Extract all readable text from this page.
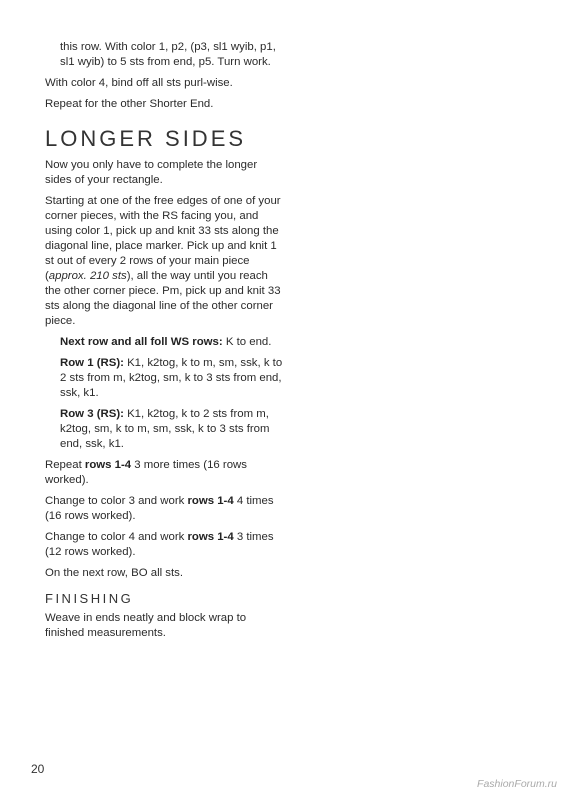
this row. With color 1, p2, (p3, sl1 wyib, p1, sl1 wyib) to 5 sts from end, p5. Turn work.

With color 4, bind off all sts purl-wise.

Repeat for the other Shorter End.

LONGER SIDES

Now you only have to complete the longer sides of your rectangle.

Starting at one of the free edges of one of your corner pieces, with the RS facing you, and using color 1, pick up and knit 33 sts along the diagonal line, place marker. Pick up and knit 1 st out of every 2 rows of your main piece (approx. 210 sts), all the way until you reach the other corner piece. Pm, pick up and knit 33 sts along the diagonal line of the other corner piece.

Next row and all foll WS rows: K to end.

Row 1 (RS): K1, k2tog, k to m, sm, ssk, k to 2 sts from m, k2tog, sm, k to 3 sts from end, ssk, k1.

Row 3 (RS): K1, k2tog, k to 2 sts from m, k2tog, sm, k to m, sm, ssk, k to 3 sts from end, ssk, k1.

Repeat rows 1-4 3 more times (16 rows worked).

Change to color 3 and work rows 1-4 4 times (16 rows worked).

Change to color 4 and work rows 1-4 3 times (12 rows worked).

On the next row, BO all sts.

FINISHING

Weave in ends neatly and block wrap to finished measurements.

20
FashionForum.ru
